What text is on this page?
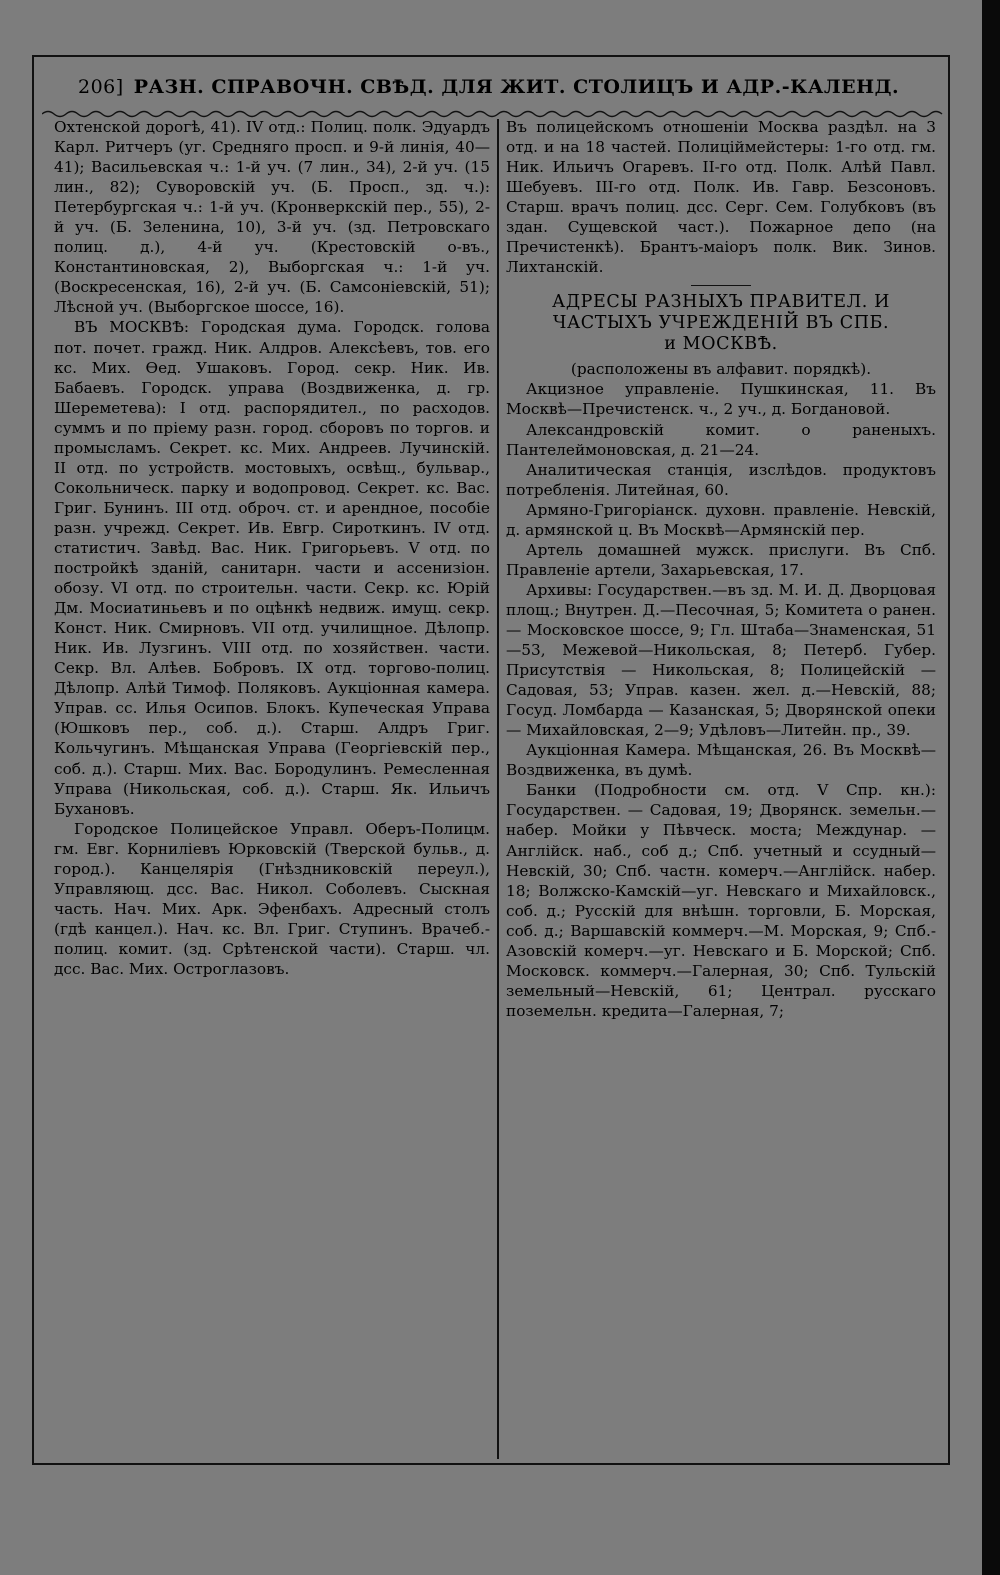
206] РАЗН. СПРАВОЧН. СВѢД. ДЛЯ ЖИТ. СТОЛИЦЪ И АДР.-КАЛЕНД.

Охтенской дорогѣ, 41). IV отд.: Полиц. полк. Эдуардъ Карл. Ритчеръ (уг. Средняго просп. и 9-й линія, 40—41); Васильевская ч.: 1-й уч. (7 лин., 34), 2-й уч. (15 лин., 82); Суворовскій уч. (Б. Просп., зд. ч.): Петербургская ч.: 1-й уч. (Кронверкскій пер., 55), 2-й уч. (Б. Зеленина, 10), 3-й уч. (зд. Петровскаго полиц. д.), 4-й уч. (Крестовскій о-въ., Константиновская, 2), Выборгская ч.: 1-й уч. (Воскресенская, 16), 2-й уч. (Б. Самсоніевскій, 51); Лѣсной уч. (Выборгское шоссе, 16).

ВЪ МОСКВѢ: Городская дума. Городск. голова пот. почет. гражд. Ник. Алдров. Алексѣевъ, тов. его кс. Мих. Өед. Ушаковъ. Город. секр. Ник. Ив. Бабаевъ. Городск. управа (Воздвиженка, д. гр. Шереметева): I отд. распорядител., по расходов. суммъ и по пріему разн. город. сборовъ по торгов. и промысламъ. Секрет. кс. Мих. Андреев. Лучинскій. II отд. по устройств. мостовыхъ, освѣщ., бульвар., Сокольническ. парку и водопровод. Секрет. кс. Вас. Григ. Бунинъ. III отд. оброч. ст. и арендное, пособіе разн. учрежд. Секрет. Ив. Евгр. Сироткинъ. IV отд. статистич. Завѣд. Вас. Ник. Григорьевъ. V отд. по постройкѣ зданій, санитарн. части и ассенизіон. обозу. VI отд. по строительн. части. Секр. кс. Юрій Дм. Мосиатиньевъ и по оцѣнкѣ недвиж. имущ. секр. Конст. Ник. Смирновъ. VII отд. училищное. Дѣлопр. Ник. Ив. Лузгинъ. VIII отд. по хозяйствен. части. Секр. Вл. Алѣев. Бобровъ. IX отд. торгово-полиц. Дѣлопр. Алѣй Тимоф. Поляковъ. Аукціонная камера. Управ. сс. Илья Осипов. Блокъ. Купеческая Управа (Юшковъ пер., соб. д.). Старш. Алдръ Григ. Кольчугинъ. Мѣщанская Управа (Георгіевскій пер., соб. д.). Старш. Мих. Вас. Бородулинъ. Ремесленная Управа (Никольская, соб. д.). Старш. Як. Ильичъ Бухановъ.

Городское Полицейское Управл. Оберъ-Полицм. гм. Евг. Корниліевъ Юрковскій (Тверской бульв., д. город.). Канцелярія (Гнѣздниковскій переул.), Управляющ. дсс. Вас. Никол. Соболевъ. Сыскная часть. Нач. Мих. Арк. Эфенбахъ. Адресный столъ (гдѣ канцел.). Нач. кс. Вл. Григ. Ступинъ. Врачеб.-полиц. комит. (зд. Срѣтенской части). Старш. чл. дсс. Вас. Мих. Остроглазовъ.

Въ полицейскомъ отношеніи Москва раздѣл. на 3 отд. и на 18 частей. Полицiймейстеры: 1-го отд. гм. Ник. Ильичъ Огаревъ. II-го отд. Полк. Алѣй Павл. Шебуевъ. III-го отд. Полк. Ив. Гавр. Безсоновъ. Старш. врачъ полиц. дсс. Серг. Сем. Голубковъ (въ здан. Сущевской част.). Пожарное депо (на Пречистенкѣ). Брантъ-маіоръ полк. Вик. Зинов. Лихтанскій.

АДРЕСЫ РАЗНЫХЪ ПРАВИТЕЛ. И
ЧАСТЫХЪ УЧРЕЖДЕНІЙ ВЪ СПБ.
и МОСКВѢ.

(расположены въ алфавит. порядкѣ).

Акцизное управленіе. Пушкинская, 11. Въ Москвѣ—Пречистенск. ч., 2 уч., д. Богдановой.

Александровскій комит. о раненыхъ. Пантелеймоновская, д. 21—24.

Аналитическая станція, изслѣдов. продуктовъ потребленія. Литейная, 60.

Армяно-Григоріанск. духовн. правленіе. Невскій, д. армянской ц. Въ Москвѣ—Армянскій пер.

Артель домашней мужск. прислуги. Въ Спб. Правленіе артели, Захарьевская, 17.

Архивы: Государствен.—въ зд. М. И. Д. Дворцовая площ.; Внутрен. Д.—Песочная, 5; Комитета о ранен. — Московское шоссе, 9; Гл. Штаба—Знаменская, 51—53, Межевой—Никольская, 8; Петерб. Губер. Присутствія — Никольская, 8; Полицейскій — Садовая, 53; Управ. казен. жел. д.—Невскій, 88; Госуд. Ломбарда — Казанская, 5; Дворянской опеки — Михайловская, 2—9; Удѣловъ—Литейн. пр., 39.

Аукціонная Камера. Мѣщанская, 26. Въ Москвѣ—Воздвиженка, въ думѣ.

Банки (Подробности см. отд. V Спр. кн.): Государствен. — Садовая, 19; Дворянск. земельн.—набер. Мойки у Пѣвческ. моста; Междунар. — Англійск. наб., соб д.; Спб. учетный и ссудный—Невскій, 30; Спб. частн. комерч.—Англійск. набер. 18; Волжско-Камскій—уг. Невскаго и Михайловск., соб. д.; Русскій для внѣшн. торговли, Б. Морская, соб. д.; Варшавскій коммерч.—М. Морская, 9; Спб.-Азовскій комерч.—уг. Невскаго и Б. Морской; Спб. Московск. коммерч.—Галерная, 30; Спб. Тульскій земельный—Невскій, 61; Централ. русскаго поземельн. кредита—Галерная, 7;
